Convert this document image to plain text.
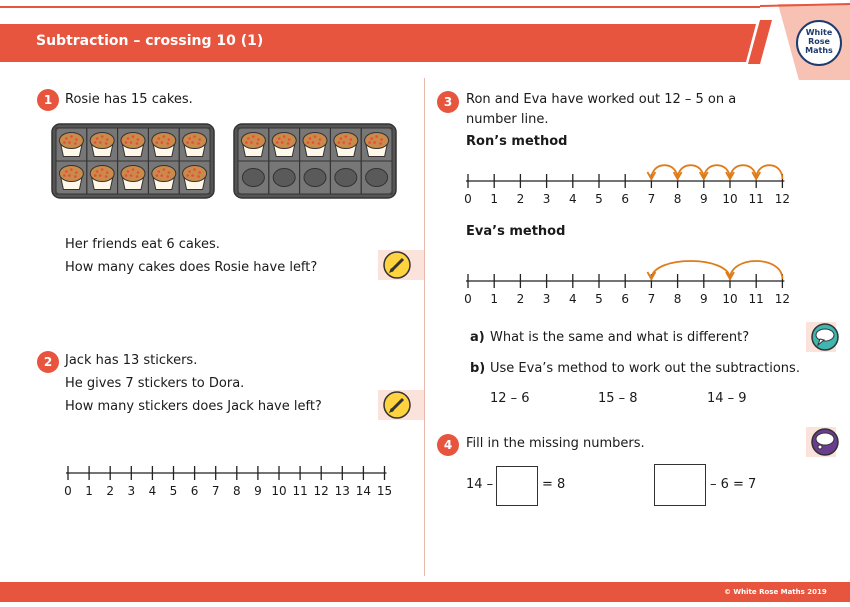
Subtraction – crossing 10 (1)
White
Rose
Maths
1 Rosie has 15 cakes.
Her friends eat 6 cakes.
How many cakes does Rosie have left?
2 Jack has 13 stickers.
He gives 7 stickers to Dora.
How many stickers does Jack have left?
0 1 2 3 4 5 6 7 8 9 10 11 12 13 14 15
3	Ron and Eva have worked out 12 – 5 on a
number line.
Ron’s method
0 1 2 3 4 5 6 7 8 9 10 11 12
Eva’s method
0 1 2 3 4 5 6 7 8 9 10 11 12
a) What is the same and what is different?
b) Use Eva’s method to work out the subtractions.
12 – 6	15 – 8	14 – 9
4	Fill in the missing numbers.
14 –	= 8	– 6 = 7
© White Rose Maths 2019
